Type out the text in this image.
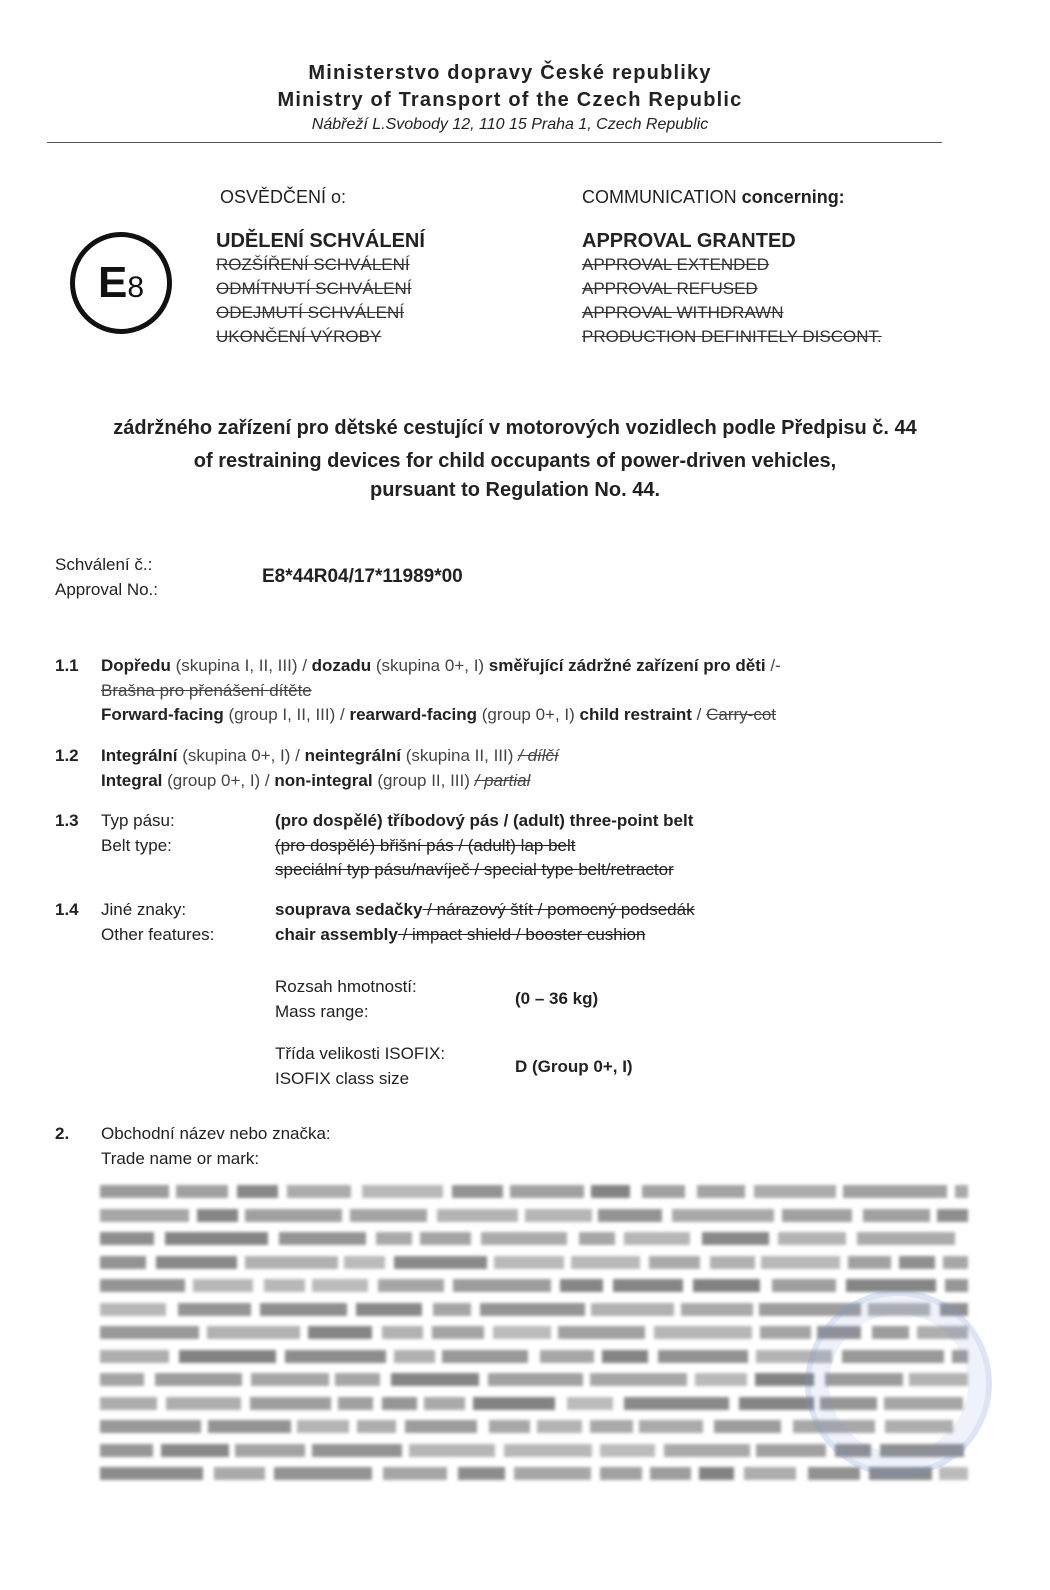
Ministerstvo dopravy České republiky
Ministry of Transport of the Czech Republic
Nábřeží L.Svobody 12, 110 15 Praha 1, Czech Republic
OSVĚDČENÍ o:	COMMUNICATION concerning:
E 8
UDĚLENÍ SCHVÁLENÍ
ROZŠÍŘENÍ SCHVÁLENÍ
ODMÍTNUTÍ SCHVÁLENÍ
ODEJMUTÍ SCHVÁLENÍ
UKONČENÍ VÝROBY
APPROVAL GRANTED
APPROVAL EXTENDED
APPROVAL REFUSED
APPROVAL WITHDRAWN
PRODUCTION DEFINITELY DISCONT.
zádržného zařízení pro dětské cestující v motorových vozidlech podle Předpisu č. 44
of restraining devices for child occupants of power-driven vehicles,
pursuant to Regulation No. 44.
Schválení č.:
Approval No.:
E8*44R04/17*11989*00
1.1 Dopředu (skupina I, II, III) / dozadu (skupina 0+, I) směřující zádržné zařízení pro děti /-
Brašna pro přenášení dítěte
Forward-facing (group I, II, III) / rearward-facing (group 0+, I) child restraint / Carry-cot
1.2 Integrální (skupina 0+, I) / neintegrální (skupina II, III) / dílčí
Integral (group 0+, I) / non-integral (group II, III) / partial
1.3 Typ pásu:
Belt type:
(pro dospělé) tříbodový pás / (adult) three-point belt
(pro dospělé) břišní pás / (adult) lap belt
speciální typ pásu/navíječ / special type belt/retractor
1.4 Jiné znaky:
Other features:
souprava sedačky / nárazový štít / pomocný podsedák
chair assembly / impact shield / booster cushion
Rozsah hmotností:
Mass range:
(0 – 36 kg)
Třída velikosti ISOFIX:
ISOFIX class size
D (Group 0+, I)
2. Obchodní název nebo značka:
Trade name or mark:
